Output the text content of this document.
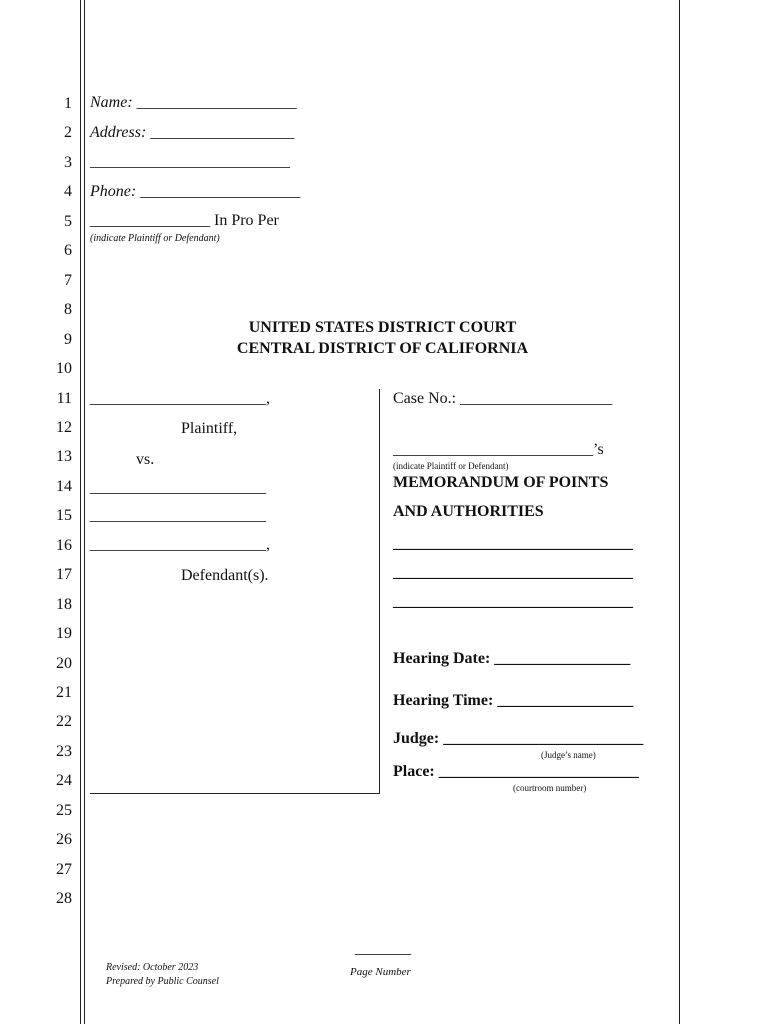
1
2
3
4
5
6
7
8
9
10
11
12
13
14
15
16
17
18
19
20
21
22
23
24
25
26
27
28
Name: ____________________
Address: __________________
_________________________
Phone: ____________________
_______________ In Pro Per
(indicate Plaintiff or Defendant)
UNITED STATES DISTRICT COURT
CENTRAL DISTRICT OF CALIFORNIA
______________________,
Plaintiff,
vs.
______________________
______________________
______________________,
Defendant(s).
Case No.: ___________________
_________________________’s
(indicate Plaintiff or Defendant)
MEMORANDUM OF POINTS
AND AUTHORITIES
______________________________
______________________________
______________________________
Hearing Date: _________________
Hearing Time: _________________
Judge: _________________________
(Judge’s name)
Place: _________________________
(courtroom number)
Revised: October 2023
Prepared by Public Counsel
_______
Page Number
